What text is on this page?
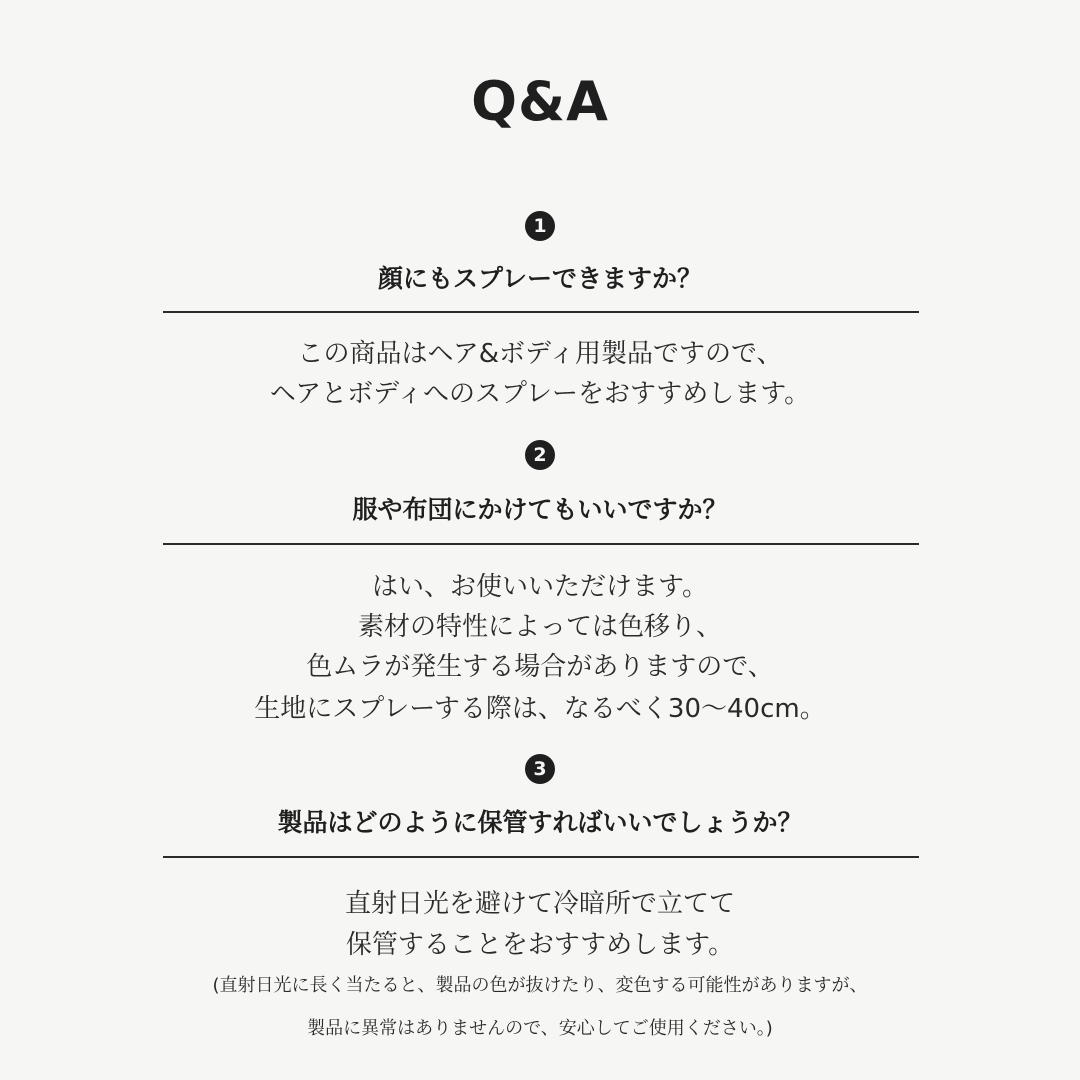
Q&A
1
顔にもスプレーできますか？
この商品はヘア&ボディ用製品ですので、
ヘアとボディへのスプレーをおすすめします。
2
服や布団にかけてもいいですか？
はい、お使いいただけます。
素材の特性によっては色移り、
色ムラが発生する場合がありますので、
生地にスプレーする際は、なるべく30〜40cm。
3
製品はどのように保管すればいいでしょうか？
直射日光を避けて冷暗所で立てて
保管することをおすすめします。
(直射日光に長く当たると、製品の色が抜けたり、変色する可能性がありますが、
製品に異常はありませんので、安心してご使用ください。)
